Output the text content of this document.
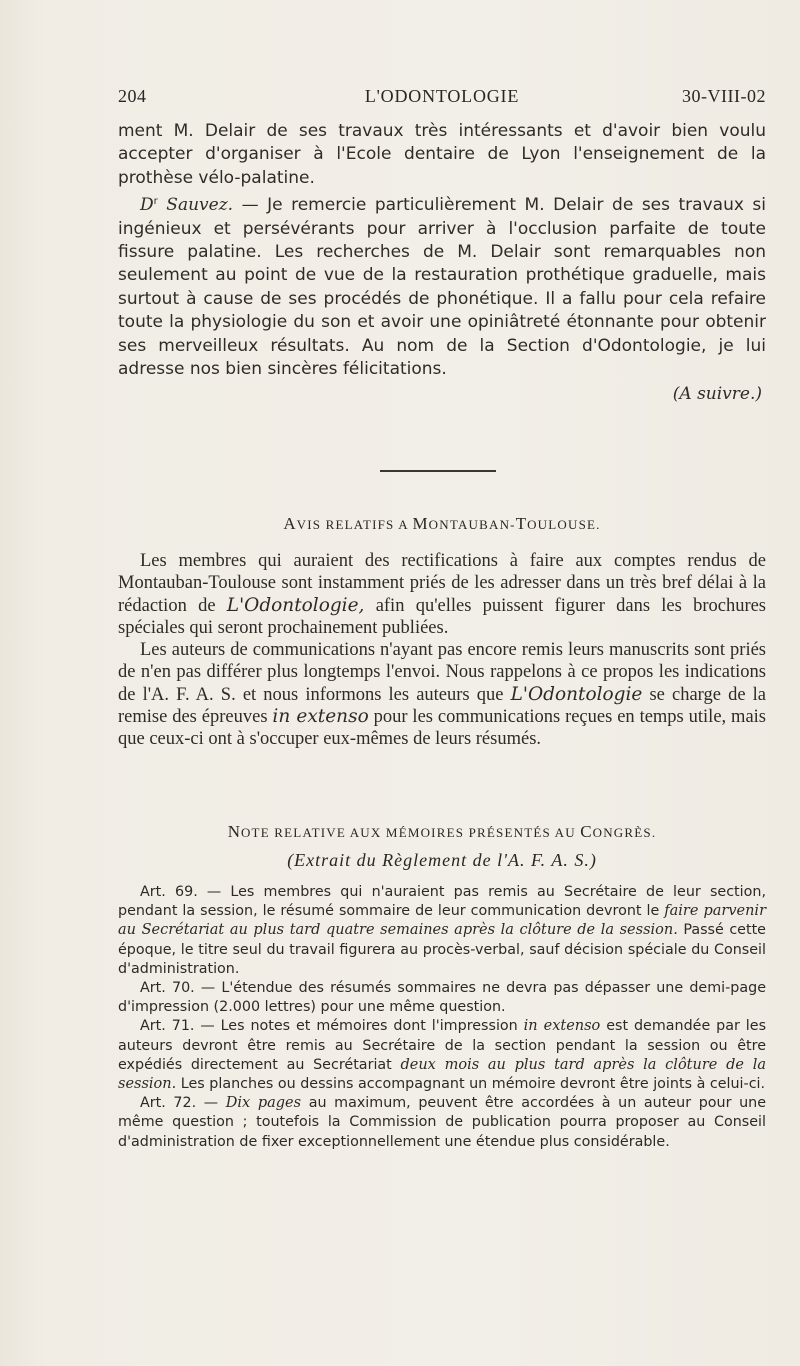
204	L'ODONTOLOGIE	30-VIII-02

ment M. Delair de ses travaux très intéressants et d'avoir bien voulu accepter d'organiser à l'Ecole dentaire de Lyon l'enseignement de la prothèse vélo-palatine.

$D^r$ Sauvez. — Je remercie particulièrement M. Delair de ses travaux si ingénieux et persévérants pour arriver à l'occlusion parfaite de toute fissure palatine. Les recherches de M. Delair sont remarquables non seulement au point de vue de la restauration prothétique graduelle, mais surtout à cause de ses procédés de phonétique. Il a fallu pour cela refaire toute la physiologie du son et avoir une opiniâtreté étonnante pour obtenir ses merveilleux résultats. Au nom de la Section d'Odontologie, je lui adresse nos bien sincères félicitations.

(A suivre.)

AVIS RELATIFS A MONTAUBAN-TOULOUSE.

Les membres qui auraient des rectifications à faire aux comptes rendus de Montauban-Toulouse sont instamment priés de les adresser dans un très bref délai à la rédaction de L'Odontologie, afin qu'elles puissent figurer dans les brochures spéciales qui seront prochainement publiées.

Les auteurs de communications n'ayant pas encore remis leurs manuscrits sont priés de n'en pas différer plus longtemps l'envoi. Nous rappelons à ce propos les indications de l'A. F. A. S. et nous informons les auteurs que L'Odontologie se charge de la remise des épreuves in extenso pour les communications reçues en temps utile, mais que ceux-ci ont à s'occuper eux-mêmes de leurs résumés.

NOTE RELATIVE AUX MÉMOIRES PRÉSENTÉS AU CONGRÈS.
(Extrait du Règlement de l'A. F. A. S.)

Art. 69. — Les membres qui n'auraient pas remis au Secrétaire de leur section, pendant la session, le résumé sommaire de leur communication devront le faire parvenir au Secrétariat au plus tard quatre semaines après la clôture de la session. Passé cette époque, le titre seul du travail figurera au procès-verbal, sauf décision spéciale du Conseil d'administration.

Art. 70. — L'étendue des résumés sommaires ne devra pas dépasser une demi-page d'impression (2.000 lettres) pour une même question.

Art. 71. — Les notes et mémoires dont l'impression in extenso est demandée par les auteurs devront être remis au Secrétaire de la section pendant la session ou être expédiés directement au Secrétariat deux mois au plus tard après la clôture de la session. Les planches ou dessins accompagnant un mémoire devront être joints à celui-ci.

Art. 72. — Dix pages au maximum, peuvent être accordées à un auteur pour une même question ; toutefois la Commission de publication pourra proposer au Conseil d'administration de fixer exceptionnellement une étendue plus considérable.
